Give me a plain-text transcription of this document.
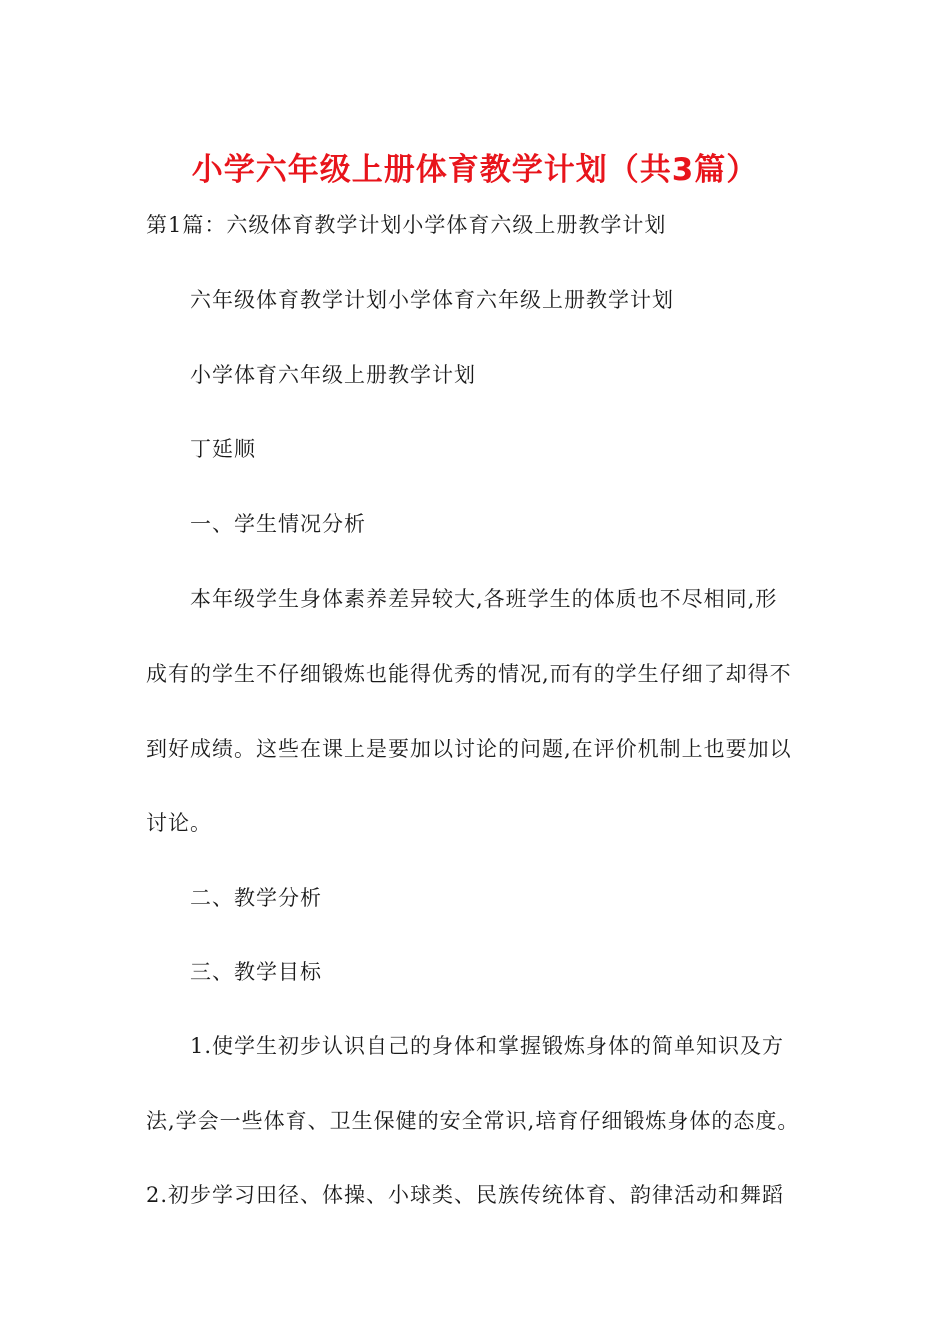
小学六年级上册体育教学计划（共3篇）
第1篇：六级体育教学计划小学体育六级上册教学计划
六年级体育教学计划小学体育六年级上册教学计划
小学体育六年级上册教学计划
丁延顺
一、学生情况分析
本年级学生身体素养差异较大,各班学生的体质也不尽相同,形
成有的学生不仔细锻炼也能得优秀的情况,而有的学生仔细了却得不
到好成绩。这些在课上是要加以讨论的问题,在评价机制上也要加以
讨论。
二、教学分析
三、教学目标
1.使学生初步认识自己的身体和掌握锻炼身体的简单知识及方
法,学会一些体育、卫生保健的安全常识,培育仔细锻炼身体的态度。
2.初步学习田径、体操、小球类、民族传统体育、韵律活动和舞蹈
